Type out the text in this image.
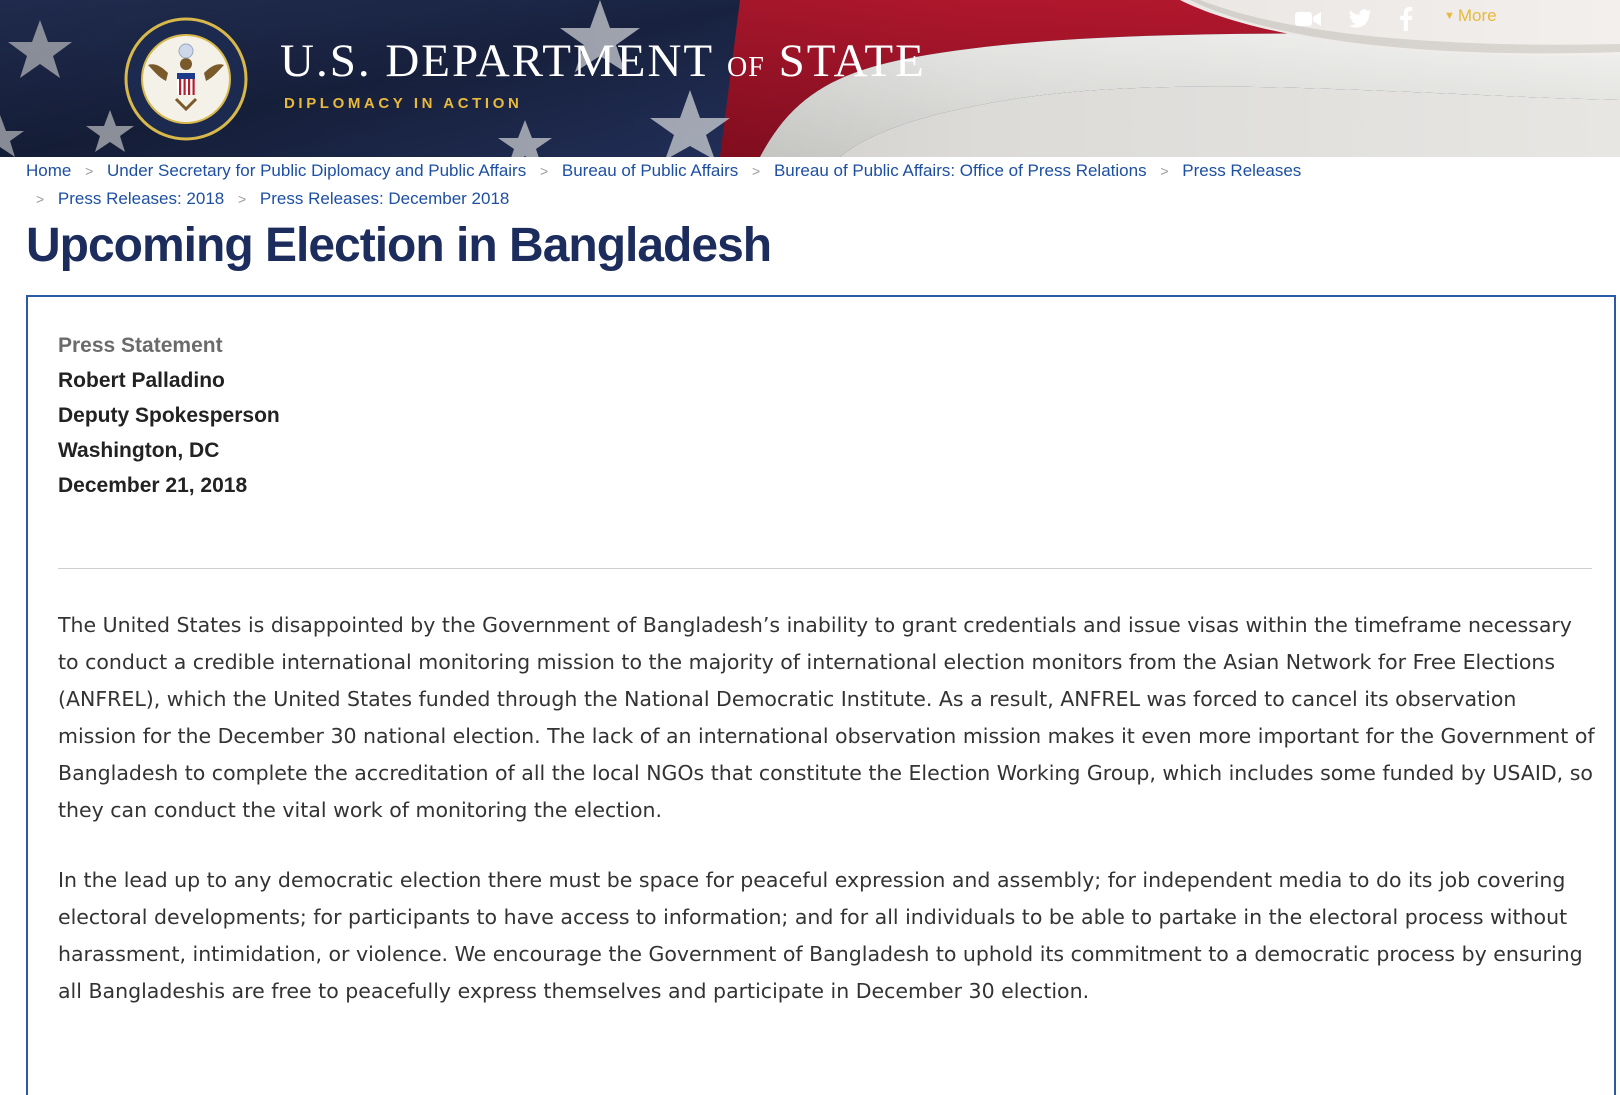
U.S. DEPARTMENT OF STATE
DIPLOMACY IN ACTION
▼ More
Home > Under Secretary for Public Diplomacy and Public Affairs > Bureau of Public Affairs > Bureau of Public Affairs: Office of Press Relations > Press Releases
> Press Releases: 2018 > Press Releases: December 2018
Upcoming Election in Bangladesh
Press Statement
Robert Palladino
Deputy Spokesperson
Washington, DC
December 21, 2018

The United States is disappointed by the Government of Bangladesh’s inability to grant credentials and issue visas within the timeframe necessary to conduct a credible international monitoring mission to the majority of international election monitors from the Asian Network for Free Elections (ANFREL), which the United States funded through the National Democratic Institute. As a result, ANFREL was forced to cancel its observation mission for the December 30 national election. The lack of an international observation mission makes it even more important for the Government of Bangladesh to complete the accreditation of all the local NGOs that constitute the Election Working Group, which includes some funded by USAID, so they can conduct the vital work of monitoring the election.

In the lead up to any democratic election there must be space for peaceful expression and assembly; for independent media to do its job covering electoral developments; for participants to have access to information; and for all individuals to be able to partake in the electoral process without harassment, intimidation, or violence. We encourage the Government of Bangladesh to uphold its commitment to a democratic process by ensuring all Bangladeshis are free to peacefully express themselves and participate in December 30 election.
